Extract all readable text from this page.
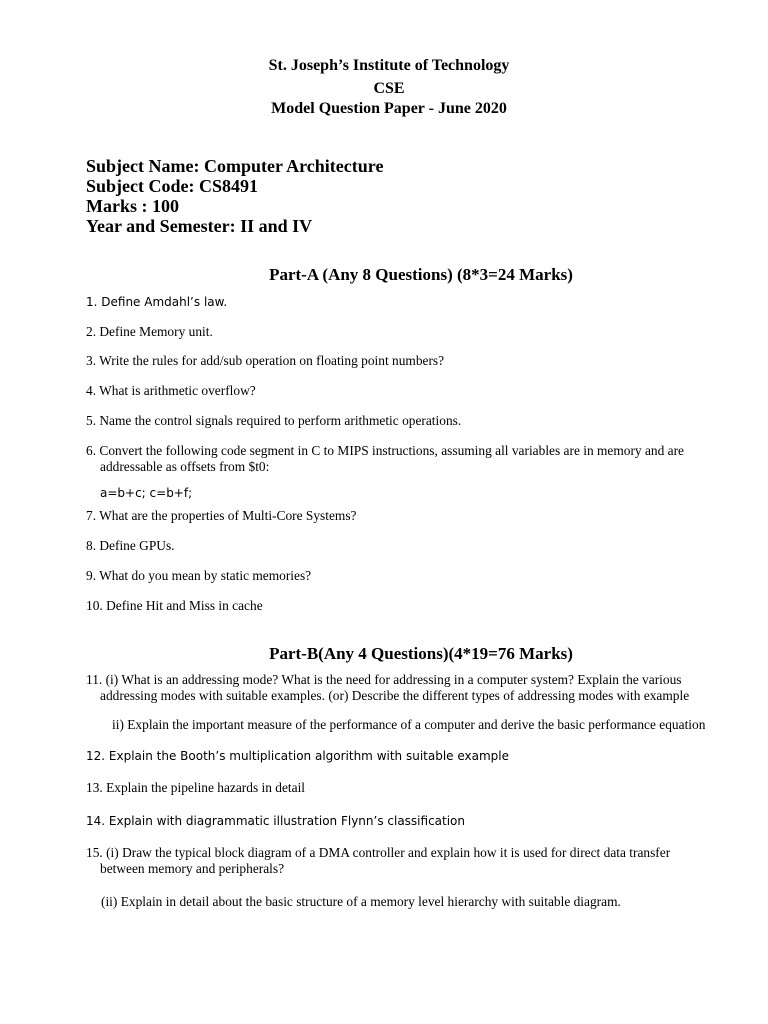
St. Joseph’s Institute of Technology
CSE
Model Question Paper - June 2020
Subject Name: Computer Architecture
Subject Code: CS8491
Marks : 100
Year and Semester: II and IV
Part-A (Any 8 Questions) (8*3=24 Marks)
1. Define Amdahl’s law.
2. Define Memory unit.
3. Write the rules for add/sub operation on floating point numbers?
4. What is arithmetic overflow?
5. Name the control signals required to perform arithmetic operations.
6. Convert the following code segment in C to MIPS instructions, assuming all variables are in memory and are
addressable as offsets from $t0:
a=b+c; c=b+f;
7. What are the properties of Multi-Core Systems?
8. Define GPUs.
9. What do you mean by static memories?
10. Define Hit and Miss in cache
Part-B(Any 4 Questions)(4*19=76 Marks)
11. (i) What is an addressing mode? What is the need for addressing in a computer system? Explain the various
addressing modes with suitable examples. (or) Describe the different types of addressing modes with example
ii) Explain the important measure of the performance of a computer and derive the basic performance equation
12. Explain the Booth’s multiplication algorithm with suitable example
13. Explain the pipeline hazards in detail
14. Explain with diagrammatic illustration Flynn’s classification
15. (i) Draw the typical block diagram of a DMA controller and explain how it is used for direct data transfer
between memory and peripherals?
(ii) Explain in detail about the basic structure of a memory level hierarchy with suitable diagram.
